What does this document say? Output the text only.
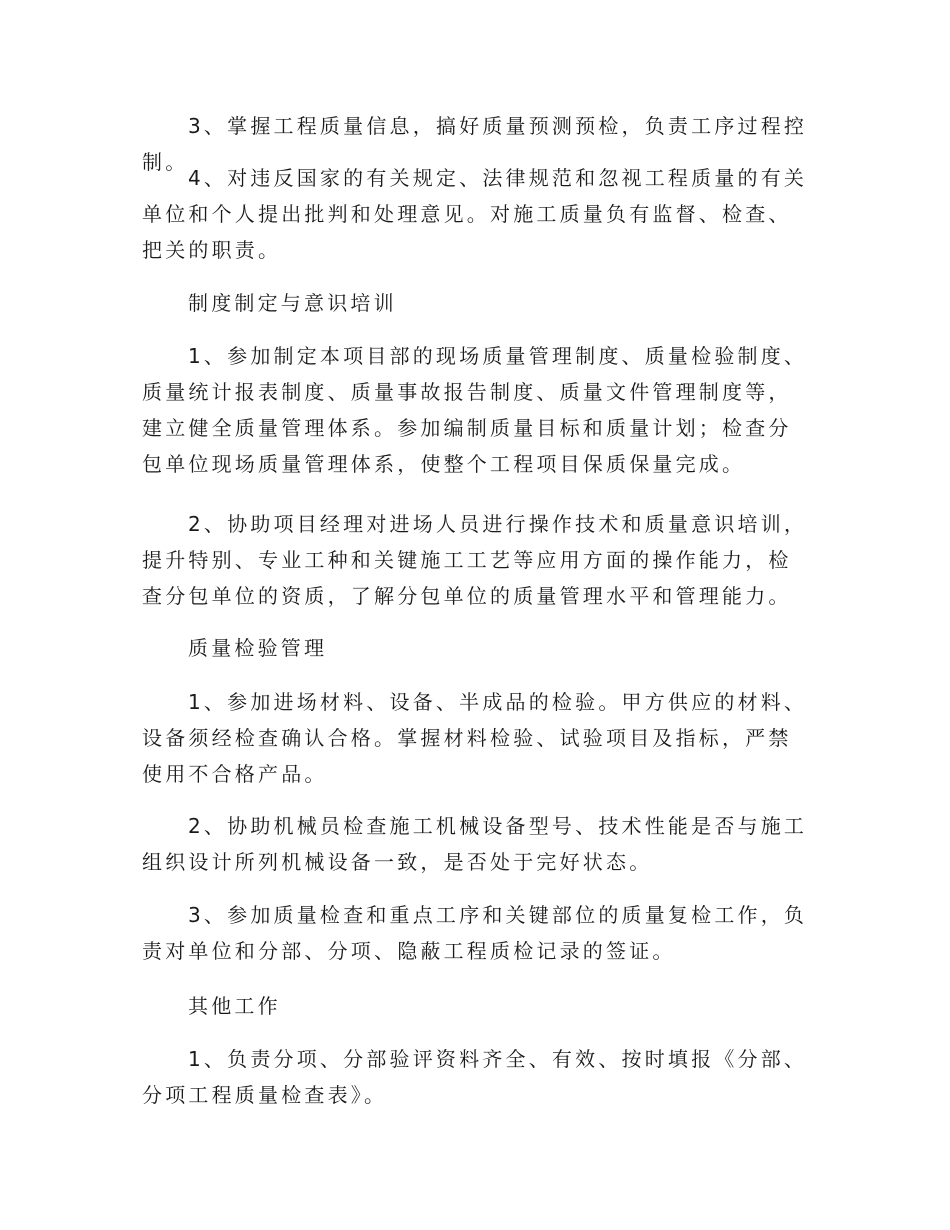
3、掌握工程质量信息，搞好质量预测预检，负责工序过程控制。

4、对违反国家的有关规定、法律规范和忽视工程质量的有关单位和个人提出批判和处理意见。对施工质量负有监督、检查、把关的职责。

制度制定与意识培训

1、参加制定本项目部的现场质量管理制度、质量检验制度、质量统计报表制度、质量事故报告制度、质量文件管理制度等，建立健全质量管理体系。参加编制质量目标和质量计划；检查分包单位现场质量管理体系，使整个工程项目保质保量完成。

2、协助项目经理对进场人员进行操作技术和质量意识培训，提升特别、专业工种和关键施工工艺等应用方面的操作能力，检查分包单位的资质，了解分包单位的质量管理水平和管理能力。

质量检验管理

1、参加进场材料、设备、半成品的检验。甲方供应的材料、设备须经检查确认合格。掌握材料检验、试验项目及指标，严禁使用不合格产品。

2、协助机械员检查施工机械设备型号、技术性能是否与施工组织设计所列机械设备一致，是否处于完好状态。

3、参加质量检查和重点工序和关键部位的质量复检工作，负责对单位和分部、分项、隐蔽工程质检记录的签证。

其他工作

1、负责分项、分部验评资料齐全、有效、按时填报《分部、分项工程质量检查表》。
